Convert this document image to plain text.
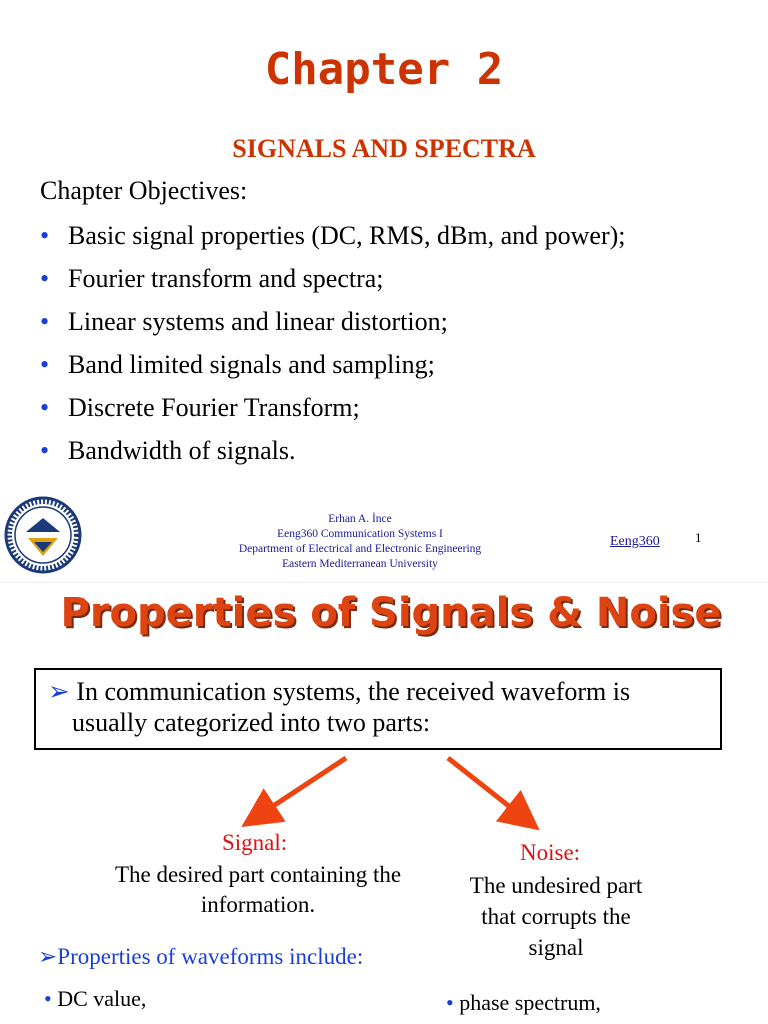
Chapter 2
SIGNALS AND SPECTRA
Chapter Objectives:
• Basic signal properties (DC, RMS, dBm, and power);
• Fourier transform and spectra;
• Linear systems and linear distortion;
• Band limited signals and sampling;
• Discrete Fourier Transform;
• Bandwidth of signals.
Erhan A. İnce
Eeng360 Communication Systems I
Department of Electrical and Electronic Engineering
Eastern Mediterranean University
Eeng360	1
Properties of Signals & Noise
➢ In communication systems, the received waveform is
usually categorized into two parts:
Signal:
The desired part containing the
information.
Noise:
The undesired part
that corrupts the
signal
➢Properties of waveforms include:
• DC value,	• phase spectrum,
